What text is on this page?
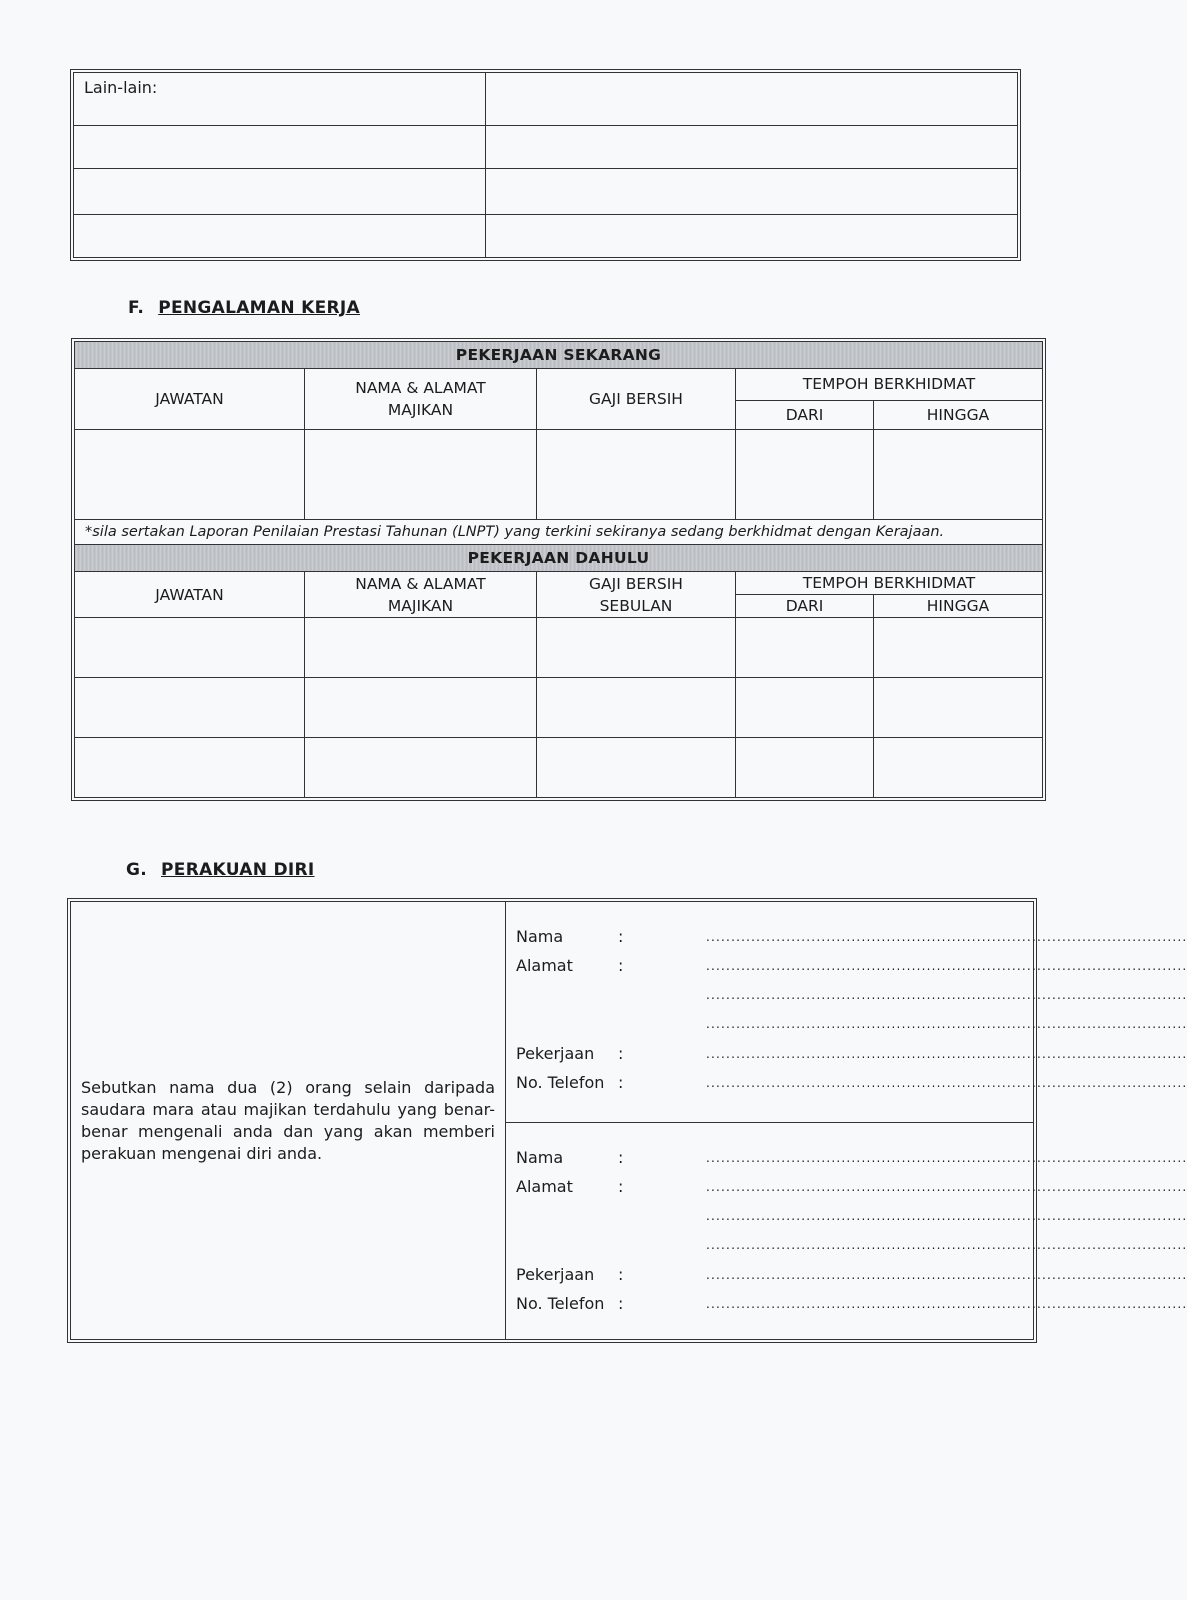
Lain-lain:	

F. PENGALAMAN KERJA
PEKERJAAN SEKARANG				
JAWATAN	NAMA & ALAMAT MAJIKAN	GAJI BERSIH	TEMPOH BERKHIDMAT	
			DARI	HINGGA

*sila sertakan Laporan Penilaian Prestasi Tahunan (LNPT) yang terkini sekiranya sedang berkhidmat dengan Kerajaan.				
PEKERJAAN DAHULU				
JAWATAN	NAMA & ALAMAT MAJIKAN	GAJI BERSIH SEBULAN	TEMPOH BERKHIDMAT	
			DARI	HINGGA

G. PERAKUAN DIRI
Sebutkan nama dua (2) orang selain daripada saudara mara atau majikan terdahulu yang benar-benar mengenali anda dan yang akan memberi perakuan mengenai diri anda.	
Nama	:	................................................................................................
Alamat	:	................................................................................................
................................................................................................
................................................................................................
Pekerjaan :	................................................................................................
No. Telefon :	................................................................................................

Nama	:	................................................................................................
Alamat	:	................................................................................................
................................................................................................
................................................................................................
Pekerjaan :	................................................................................................
No. Telefon :	................................................................................................
